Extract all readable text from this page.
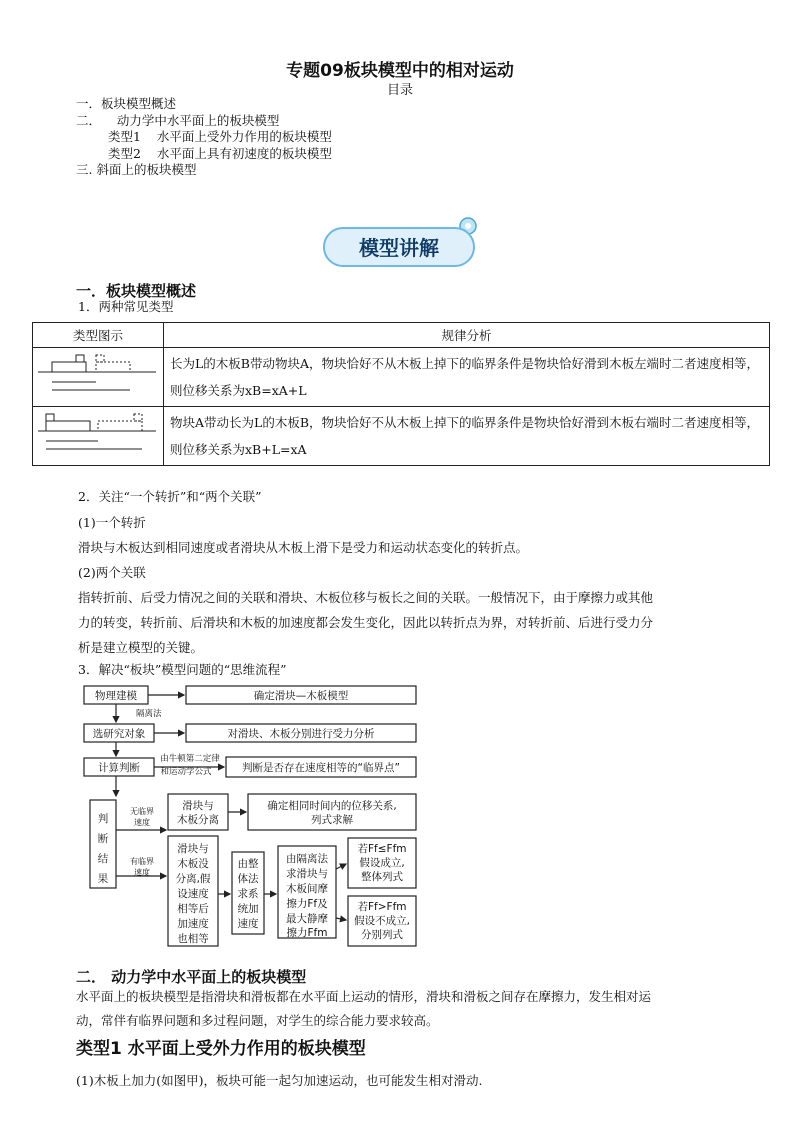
专题09板块模型中的相对运动
目录
一．板块模型概述
二．    动力学中水平面上的板块模型
类型1    水平面上受外力作用的板块模型
类型2    水平面上具有初速度的板块模型
三. 斜面上的板块模型
模型讲解
一．板块模型概述
1．两种常见类型
类型图示	规律分析
	长为L的木板B带动物块A，物块恰好不从木板上掉下的临界条件是物块恰好滑到木板左端时二者速度相等，则位移关系为xB=xA+L
	物块A带动长为L的木板B，物块恰好不从木板上掉下的临界条件是物块恰好滑到木板右端时二者速度相等，则位移关系为xB+L=xA
2．关注“一个转折”和“两个关联”
(1)一个转折
滑块与木板达到相同速度或者滑块从木板上滑下是受力和运动状态变化的转折点。
(2)两个关联
指转折前、后受力情况之间的关联和滑块、木板位移与板长之间的关联。一般情况下，由于摩擦力或其他
力的转变，转折前、后滑块和木板的加速度都会发生变化，因此以转折点为界，对转折前、后进行受力分
析是建立模型的关键。
3．解决“板块”模型问题的“思维流程”
物理建模	确定滑块—木板模型
隔离法
选研究对象	对滑块、木板分别进行受力分析
由牛顿第二定律
和运动学公式
计算判断	判断是否存在速度相等的“临界点”
判
断
结
果
无临界
速度
滑块与
木板分离
确定相同时间内的位移关系,
列式求解
有临界
速度
滑块与
木板没
分离,假
设速度
相等后
加速度
也相等
由整
体法
求系
统加
速度
由隔离法
求滑块与
木板间摩
擦力Ff及
最大静摩
擦力Ffm
若Ff≤Ffm
假设成立,
整体列式
若Ff>Ffm
假设不成立,
分别列式
二． 动力学中水平面上的板块模型
水平面上的板块模型是指滑块和滑板都在水平面上运动的情形，滑块和滑板之间存在摩擦力，发生相对运
动，常伴有临界问题和多过程问题，对学生的综合能力要求较高。
类型1 水平面上受外力作用的板块模型
(1)木板上加力(如图甲)，板块可能一起匀加速运动，也可能发生相对滑动.
